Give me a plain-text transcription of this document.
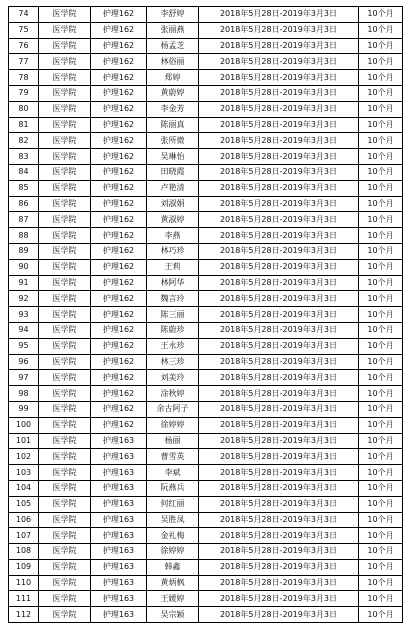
74	医学院	护理162	李舒婷	2018年5月28日-2019年3月3日	10个月
75	医学院	护理162	张丽燕	2018年5月28日-2019年3月3日	10个月
76	医学院	护理162	杨孟芝	2018年5月28日-2019年3月3日	10个月
77	医学院	护理162	林俗丽	2018年5月28日-2019年3月3日	10个月
78	医学院	护理162	郑婷	2018年5月28日-2019年3月3日	10个月
79	医学院	护理162	黄蔚婷	2018年5月28日-2019年3月3日	10个月
80	医学院	护理162	李金芳	2018年5月28日-2019年3月3日	10个月
81	医学院	护理162	陈丽真	2018年5月28日-2019年3月3日	10个月
82	医学院	护理162	张所微	2018年5月28日-2019年3月3日	10个月
83	医学院	护理162	吴琳怡	2018年5月28日-2019年3月3日	10个月
84	医学院	护理162	田晓霞	2018年5月28日-2019年3月3日	10个月
85	医学院	护理162	卢艳清	2018年5月28日-2019年3月3日	10个月
86	医学院	护理162	刘淑娟	2018年5月28日-2019年3月3日	10个月
87	医学院	护理162	黄淑婷	2018年5月28日-2019年3月3日	10个月
88	医学院	护理162	李燕	2018年5月28日-2019年3月3日	10个月
89	医学院	护理162	林巧珍	2018年5月28日-2019年3月3日	10个月
90	医学院	护理162	王莉	2018年5月28日-2019年3月3日	10个月
91	医学院	护理162	林阿华	2018年5月28日-2019年3月3日	10个月
92	医学院	护理162	魏言玲	2018年5月28日-2019年3月3日	10个月
93	医学院	护理162	陈三丽	2018年5月28日-2019年3月3日	10个月
94	医学院	护理162	陈蔚珍	2018年5月28日-2019年3月3日	10个月
95	医学院	护理162	王永珍	2018年5月28日-2019年3月3日	10个月
96	医学院	护理162	林三珍	2018年5月28日-2019年3月3日	10个月
97	医学院	护理162	刘美玲	2018年5月28日-2019年3月3日	10个月
98	医学院	护理162	涂秋婷	2018年5月28日-2019年3月3日	10个月
99	医学院	护理162	余古阿子	2018年5月28日-2019年3月3日	10个月
100	医学院	护理162	徐婷婷	2018年5月28日-2019年3月3日	10个月
101	医学院	护理163	杨丽	2018年5月28日-2019年3月3日	10个月
102	医学院	护理163	曹雪英	2018年5月28日-2019年3月3日	10个月
103	医学院	护理163	李斌	2018年5月28日-2019年3月3日	10个月
104	医学院	护理163	阮燕兵	2018年5月28日-2019年3月3日	10个月
105	医学院	护理163	何红丽	2018年5月28日-2019年3月3日	10个月
106	医学院	护理163	吴胜凤	2018年5月28日-2019年3月3日	10个月
107	医学院	护理163	金礼梅	2018年5月28日-2019年3月3日	10个月
108	医学院	护理163	徐婷婷	2018年5月28日-2019年3月3日	10个月
109	医学院	护理163	韩鑫	2018年5月28日-2019年3月3日	10个月
110	医学院	护理163	黄炳枫	2018年5月28日-2019年3月3日	10个月
111	医学院	护理163	王媛婷	2018年5月28日-2019年3月3日	10个月
112	医学院	护理163	吴宗颖	2018年5月28日-2019年3月3日	10个月
